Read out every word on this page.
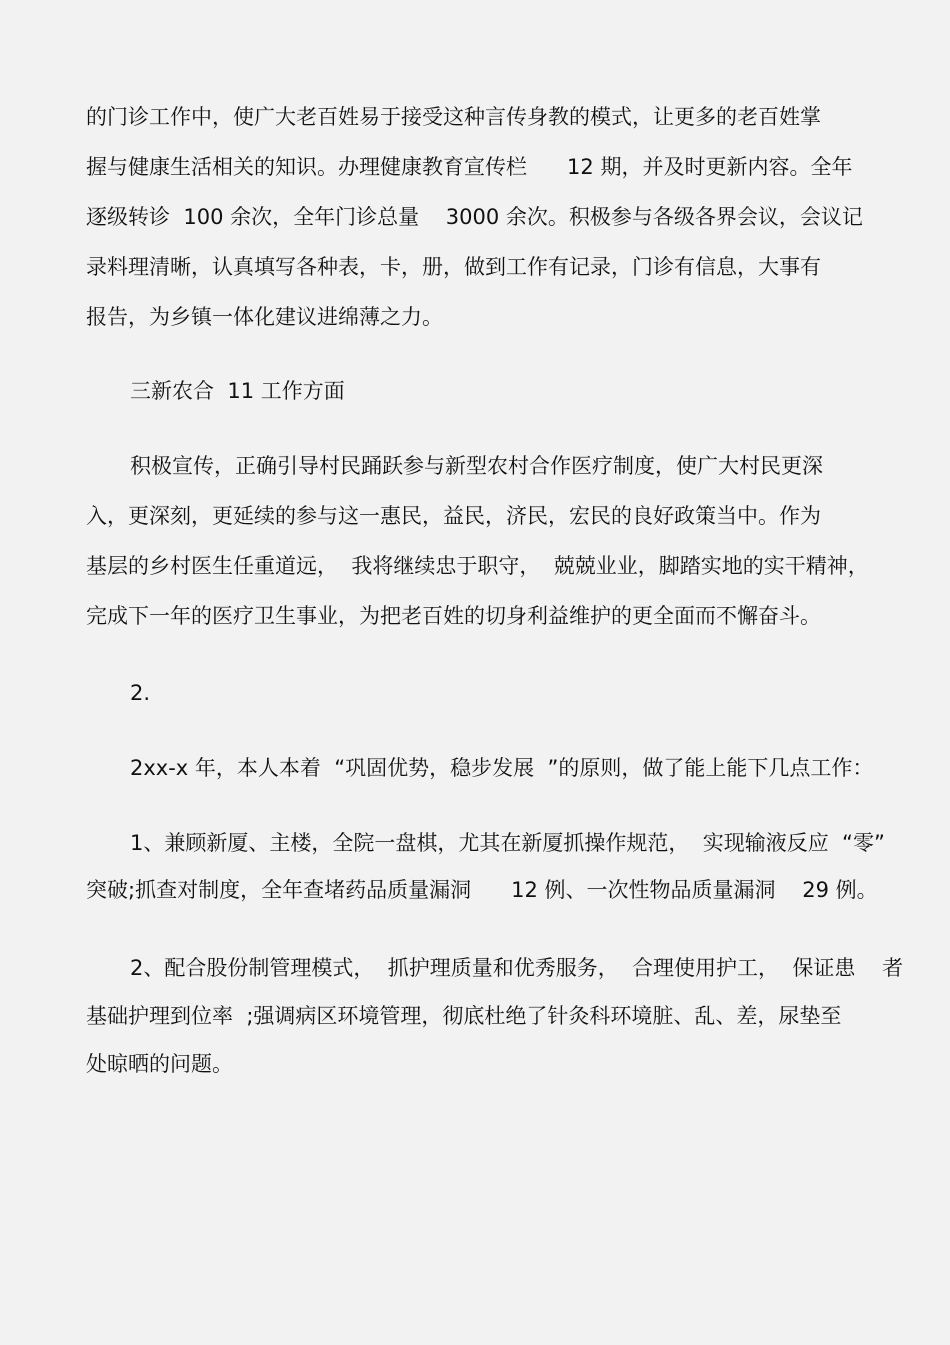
的门诊工作中，使广大老百姓易于接受这种言传身教的模式，让更多的老百姓掌
握与健康生活相关的知识。办理健康教育宣传栏      12 期，并及时更新内容。全年
逐级转诊  100 余次，全年门诊总量    3000 余次。积极参与各级各界会议，会议记
录料理清晰，认真填写各种表，卡，册，做到工作有记录，门诊有信息，大事有
报告，为乡镇一体化建议进绵薄之力。
三新农合  11 工作方面
积极宣传，正确引导村民踊跃参与新型农村合作医疗制度，使广大村民更深
入，更深刻，更延续的参与这一惠民，益民，济民，宏民的良好政策当中。作为
基层的乡村医生任重道远，  我将继续忠于职守，  兢兢业业，脚踏实地的实干精神，
完成下一年的医疗卫生事业，为把老百姓的切身利益维护的更全面而不懈奋斗。
2.
2xx-x 年，本人本着  “巩固优势，稳步发展  ”的原则，做了能上能下几点工作：
1、兼顾新厦、主楼，全院一盘棋，尤其在新厦抓操作规范，  实现输液反应  “零”
突破;抓查对制度，全年查堵药品质量漏洞      12 例、一次性物品质量漏洞    29 例。
2、配合股份制管理模式，  抓护理质量和优秀服务，  合理使用护工，  保证患    者
基础护理到位率  ;强调病区环境管理，彻底杜绝了针灸科环境脏、乱、差，尿垫至
处晾晒的问题。
